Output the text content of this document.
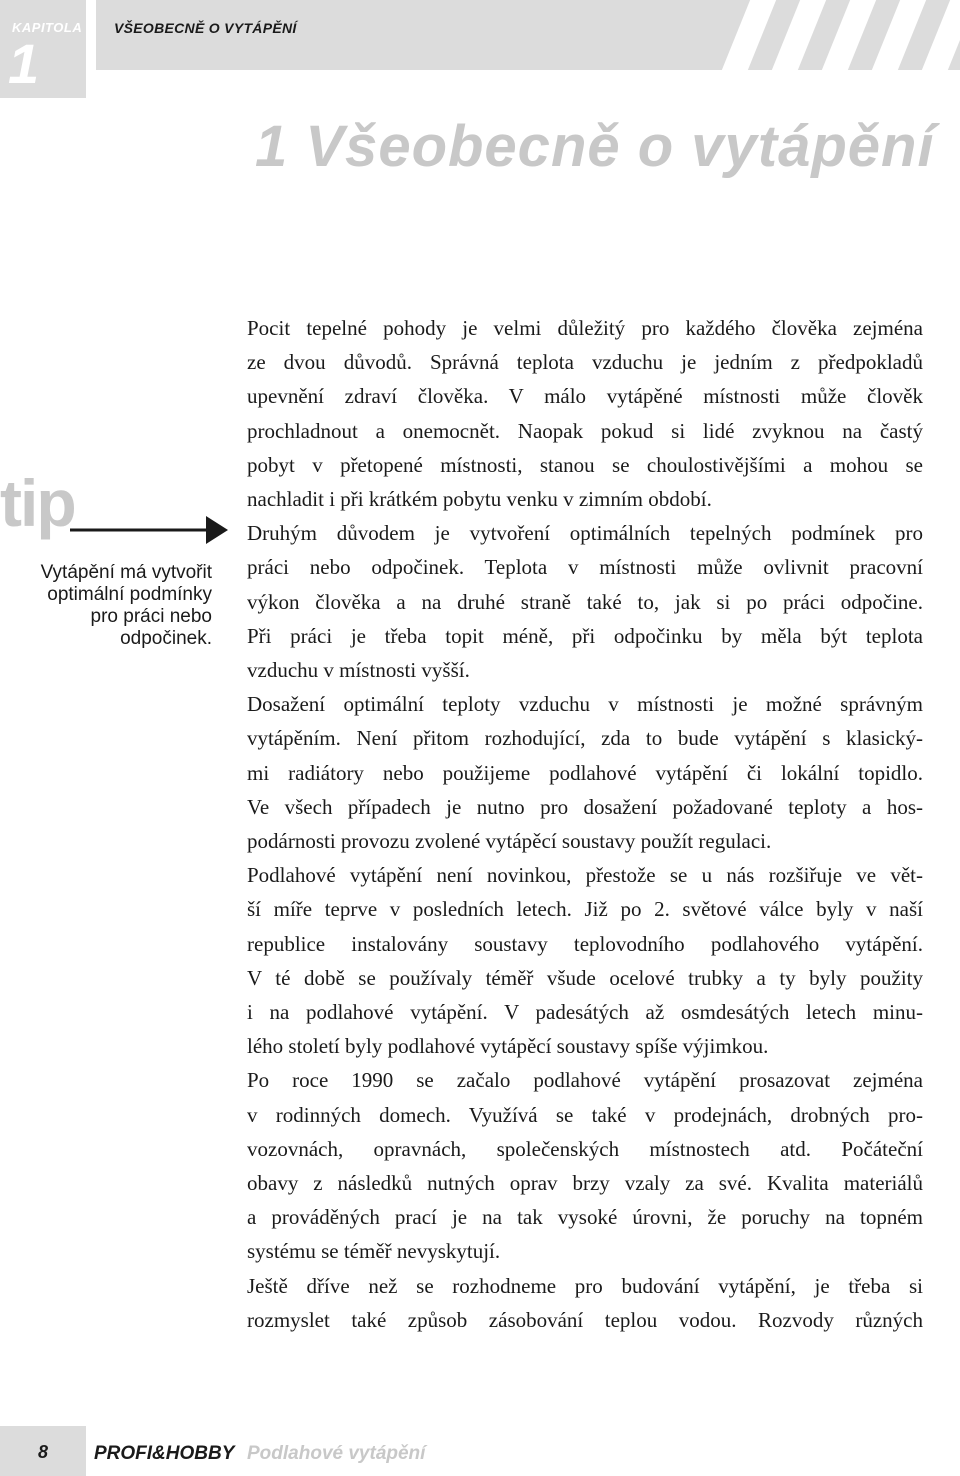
KAPITOLA
1
VŠEOBECNĚ O VYTÁPĚNÍ
1 Všeobecně o vytápění
tip
Vytápění má vytvořit
optimální podmínky
pro práci nebo
odpočinek.
Pocit tepelné pohody je velmi důležitý pro každého člověka zejména
ze dvou důvodů. Správná teplota vzduchu je jedním z předpokladů
upevnění zdraví člověka. V málo vytápěné místnosti může člověk
prochladnout a onemocnět. Naopak pokud si lidé zvyknou na častý
pobyt v přetopené místnosti, stanou se choulostivějšími a mohou se
nachladit i při krátkém pobytu venku v zimním období.
Druhým důvodem je vytvoření optimálních tepelných podmínek pro
práci nebo odpočinek. Teplota v místnosti může ovlivnit pracovní
výkon člověka a na druhé straně také to, jak si po práci odpočine.
Při práci je třeba topit méně, při odpočinku by měla být teplota
vzduchu v místnosti vyšší.
Dosažení optimální teploty vzduchu v místnosti je možné správným
vytápěním. Není přitom rozhodující, zda to bude vytápění s klasický-
mi radiátory nebo použijeme podlahové vytápění či lokální topidlo.
Ve všech případech je nutno pro dosažení požadované teploty a hos-
podárnosti provozu zvolené vytápěcí soustavy použít regulaci.
Podlahové vytápění není novinkou, přestože se u nás rozšiřuje ve vět-
ší míře teprve v posledních letech. Již po 2. světové válce byly v naší
republice instalovány soustavy teplovodního podlahového vytápění.
V té době se používaly téměř všude ocelové trubky a ty byly použity
i na podlahové vytápění. V padesátých až osmdesátých letech minu-
lého století byly podlahové vytápěcí soustavy spíše výjimkou.
Po roce 1990 se začalo podlahové vytápění prosazovat zejména
v rodinných domech. Využívá se také v prodejnách, drobných pro-
vozovnách, opravnách, společenských místnostech atd. Počáteční
obavy z následků nutných oprav brzy vzaly za své. Kvalita materiálů
a prováděných prací je na tak vysoké úrovni, že poruchy na topném
systému se téměř nevyskytují.
Ještě dříve než se rozhodneme pro budování vytápění, je třeba si
rozmyslet také způsob zásobování teplou vodou. Rozvody různých
8 PROFI&HOBBY Podlahové vytápění
